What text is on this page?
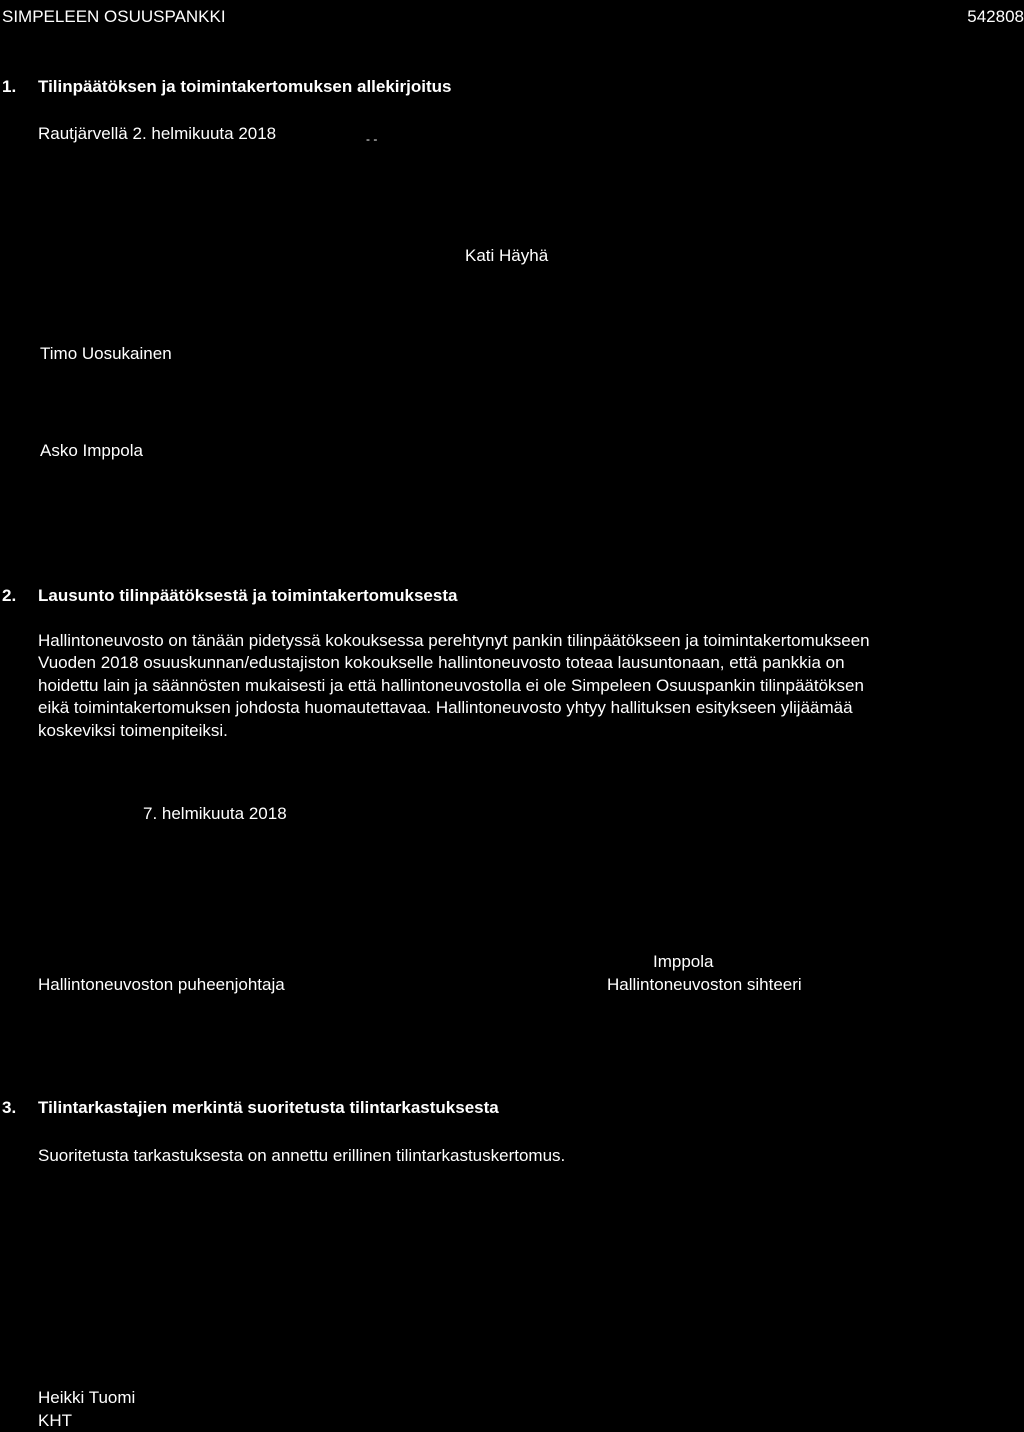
SIMPELEEN OSUUSPANKKI	542808
1. Tilinpäätöksen ja toimintakertomuksen allekirjoitus
Rautjärvellä 2. helmikuuta 2018	- -
Kati Häyhä
Timo Uosukainen
Asko Imppola
2. Lausunto tilinpäätöksestä ja toimintakertomuksesta
Hallintoneuvosto on tänään pidetyssä kokouksessa perehtynyt pankin tilinpäätökseen ja toimintakertomukseen
Vuoden 2018 osuuskunnan/edustajiston kokoukselle hallintoneuvosto toteaa lausuntonaan, että pankkia on
hoidettu lain ja säännösten mukaisesti ja että hallintoneuvostolla ei ole Simpeleen Osuuspankin tilinpäätöksen
eikä toimintakertomuksen johdosta huomautettavaa. Hallintoneuvosto yhtyy hallituksen esitykseen ylijäämää
koskeviksi toimenpiteiksi.
7. helmikuuta 2018
Imppola
Hallintoneuvoston puheenjohtaja	Hallintoneuvoston sihteeri
3. Tilintarkastajien merkintä suoritetusta tilintarkastuksesta
Suoritetusta tarkastuksesta on annettu erillinen tilintarkastuskertomus.
Heikki Tuomi
KHT
